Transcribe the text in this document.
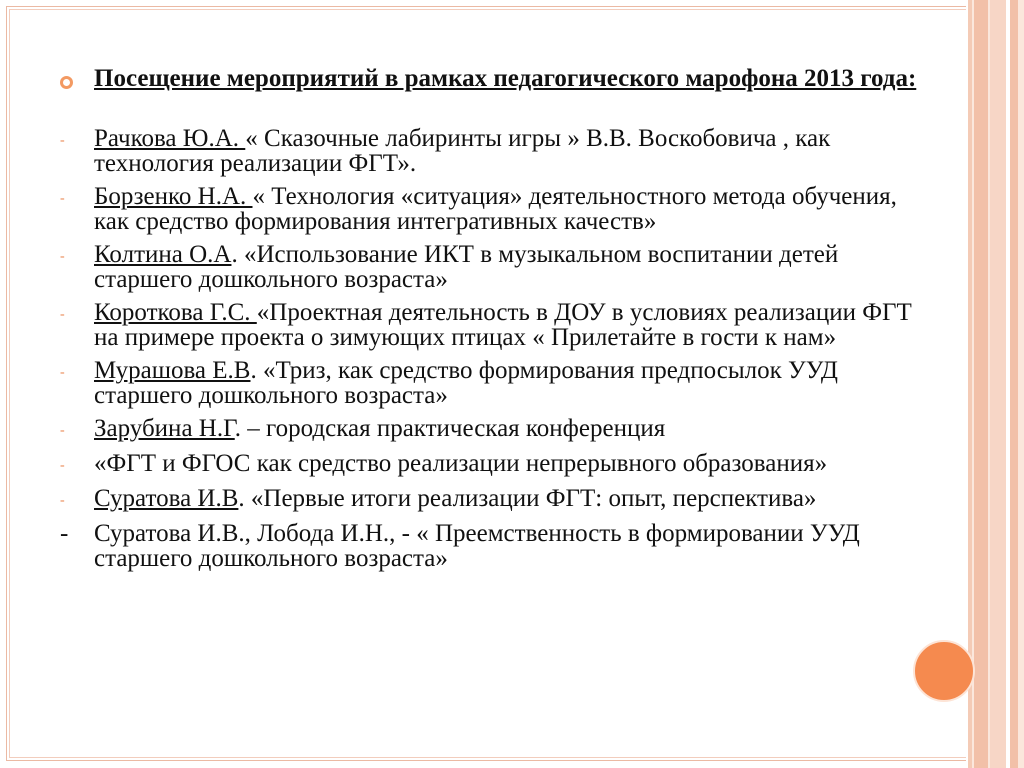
Посещение мероприятий в рамках педагогического марофона 2013 года:
-	Рачкова Ю.А. « Сказочные лабиринты игры » В.В. Воскобовича , как технология реализации ФГТ».
-	Борзенко Н.А. « Технология «ситуация» деятельностного метода обучения, как средство формирования интегративных качеств»
-	Колтина О.А. «Использование ИКТ в музыкальном воспитании детей старшего дошкольного возраста»
-	Короткова Г.С. «Проектная деятельность в ДОУ в условиях реализации ФГТ на примере проекта о зимующих птицах « Прилетайте в гости к нам»
-	Мурашова Е.В. «Триз, как средство формирования предпосылок УУД старшего дошкольного возраста»
-	Зарубина Н.Г. – городская практическая конференция
-	«ФГТ и ФГОС как средство реализации непрерывного образования»
-	Суратова И.В. «Первые итоги реализации ФГТ: опыт, перспектива»
-	Суратова И.В., Лобода И.Н., - « Преемственность в формировании УУД старшего дошкольного возраста»
